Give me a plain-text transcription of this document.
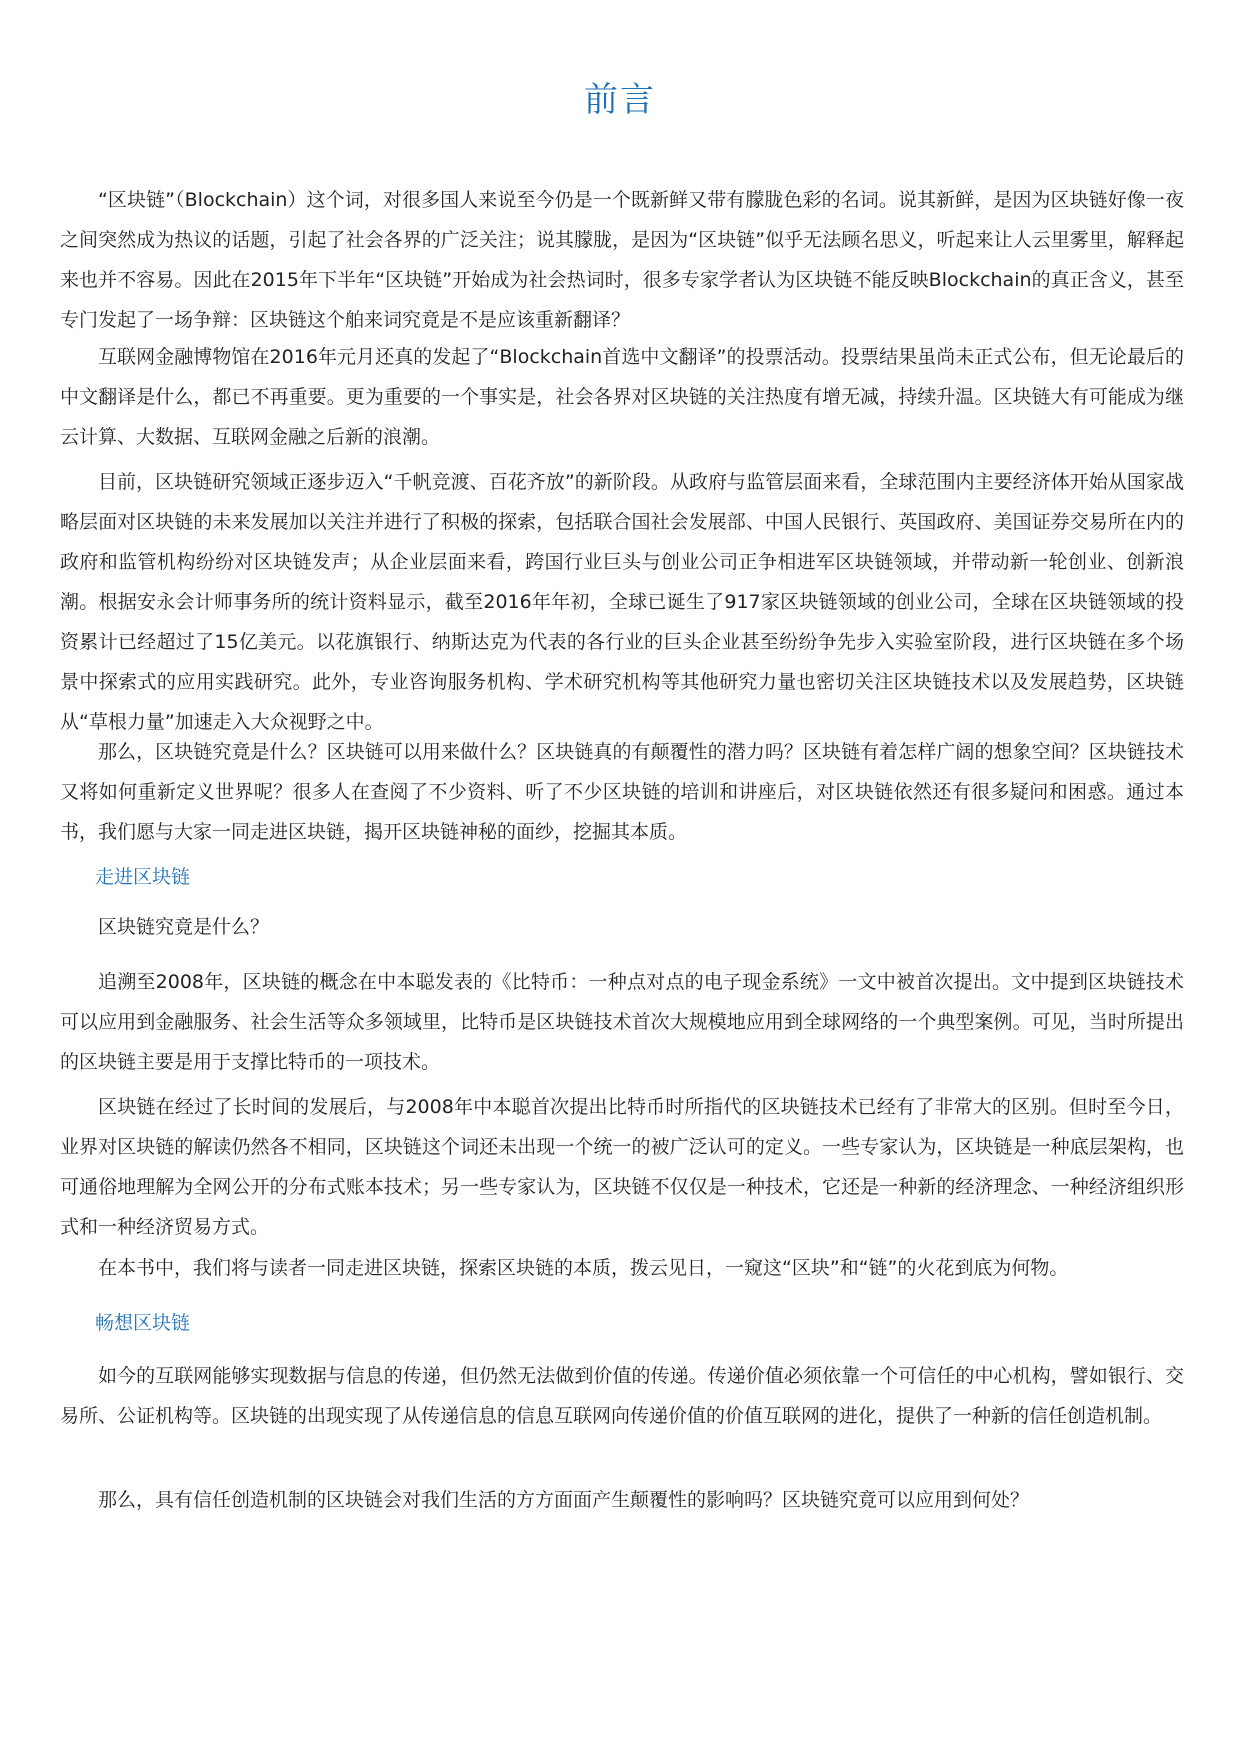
前言

“区块链”（Blockchain）这个词，对很多国人来说至今仍是一个既新鲜又带有朦胧色彩的名词。说其新鲜，是因为区块链好像一夜之间突然成为热议的话题，引起了社会各界的广泛关注；说其朦胧，是因为“区块链”似乎无法顾名思义，听起来让人云里雾里，解释起来也并不容易。因此在2015年下半年“区块链”开始成为社会热词时，很多专家学者认为区块链不能反映Blockchain的真正含义，甚至专门发起了一场争辩：区块链这个舶来词究竟是不是应该重新翻译？

互联网金融博物馆在2016年元月还真的发起了“Blockchain首选中文翻译”的投票活动。投票结果虽尚未正式公布，但无论最后的中文翻译是什么，都已不再重要。更为重要的一个事实是，社会各界对区块链的关注热度有增无减，持续升温。区块链大有可能成为继云计算、大数据、互联网金融之后新的浪潮。

目前，区块链研究领域正逐步迈入“千帆竞渡、百花齐放”的新阶段。从政府与监管层面来看，全球范围内主要经济体开始从国家战略层面对区块链的未来发展加以关注并进行了积极的探索，包括联合国社会发展部、中国人民银行、英国政府、美国证券交易所在内的政府和监管机构纷纷对区块链发声；从企业层面来看，跨国行业巨头与创业公司正争相进军区块链领域，并带动新一轮创业、创新浪潮。根据安永会计师事务所的统计资料显示，截至2016年年初，全球已诞生了917家区块链领域的创业公司，全球在区块链领域的投资累计已经超过了15亿美元。以花旗银行、纳斯达克为代表的各行业的巨头企业甚至纷纷争先步入实验室阶段，进行区块链在多个场景中探索式的应用实践研究。此外，专业咨询服务机构、学术研究机构等其他研究力量也密切关注区块链技术以及发展趋势，区块链从“草根力量”加速走入大众视野之中。

那么，区块链究竟是什么？区块链可以用来做什么？区块链真的有颠覆性的潜力吗？区块链有着怎样广阔的想象空间？区块链技术又将如何重新定义世界呢？很多人在查阅了不少资料、听了不少区块链的培训和讲座后，对区块链依然还有很多疑问和困惑。通过本书，我们愿与大家一同走进区块链，揭开区块链神秘的面纱，挖掘其本质。

走进区块链

区块链究竟是什么？

追溯至2008年，区块链的概念在中本聪发表的《比特币：一种点对点的电子现金系统》一文中被首次提出。文中提到区块链技术可以应用到金融服务、社会生活等众多领域里，比特币是区块链技术首次大规模地应用到全球网络的一个典型案例。可见，当时所提出的区块链主要是用于支撑比特币的一项技术。

区块链在经过了长时间的发展后，与2008年中本聪首次提出比特币时所指代的区块链技术已经有了非常大的区别。但时至今日，业界对区块链的解读仍然各不相同，区块链这个词还未出现一个统一的被广泛认可的定义。一些专家认为，区块链是一种底层架构，也可通俗地理解为全网公开的分布式账本技术；另一些专家认为，区块链不仅仅是一种技术，它还是一种新的经济理念、一种经济组织形式和一种经济贸易方式。

在本书中，我们将与读者一同走进区块链，探索区块链的本质，拨云见日，一窥这“区块”和“链”的火花到底为何物。

畅想区块链

如今的互联网能够实现数据与信息的传递，但仍然无法做到价值的传递。传递价值必须依靠一个可信任的中心机构，譬如银行、交易所、公证机构等。区块链的出现实现了从传递信息的信息互联网向传递价值的价值互联网的进化，提供了一种新的信任创造机制。

那么，具有信任创造机制的区块链会对我们生活的方方面面产生颠覆性的影响吗？区块链究竟可以应用到何处？
